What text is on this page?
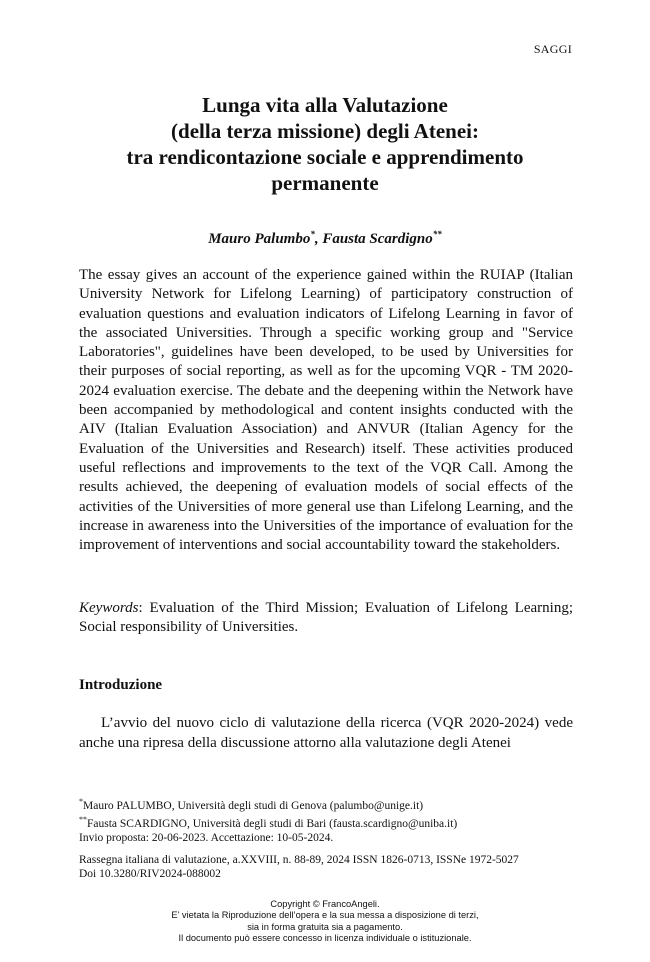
SAGGI
Lunga vita alla Valutazione
(della terza missione) degli Atenei:
tra rendicontazione sociale e apprendimento
permanente
Mauro Palumbo*, Fausta Scardigno**

The essay gives an account of the experience gained within the RUIAP (Italian University Network for Lifelong Learning) of participatory construction of evaluation questions and evaluation indicators of Lifelong Learning in favor of the associated Universities. Through a specific working group and "Service Laboratories", guidelines have been developed, to be used by Universities for their purposes of social reporting, as well as for the upcoming VQR - TM 2020-2024 evaluation exercise. The debate and the deepening within the Network have been accompanied by methodological and content insights conducted with the AIV (Italian Evaluation Association) and ANVUR (Italian Agency for the Evaluation of the Universities and Research) itself. These activities produced useful reflections and improvements to the text of the VQR Call. Among the results achieved, the deepening of evaluation models of social effects of the activities of the Universities of more general use than Lifelong Learning, and the increase in awareness into the Universities of the importance of evaluation for the improvement of interventions and social accountability toward the stakeholders.

Keywords: Evaluation of the Third Mission; Evaluation of Lifelong Learning; Social responsibility of Universities.

Introduzione

L’avvio del nuovo ciclo di valutazione della ricerca (VQR 2020-2024) vede anche una ripresa della discussione attorno alla valutazione degli Atenei

*Mauro PALUMBO, Università degli studi di Genova (palumbo@unige.it)
**Fausta SCARDIGNO, Università degli studi di Bari (fausta.scardigno@uniba.it)
Invio proposta: 20-06-2023. Accettazione: 10-05-2024.
Rassegna italiana di valutazione, a.XXVIII, n. 88-89, 2024 ISSN 1826-0713, ISSNe 1972-5027
Doi 10.3280/RIV2024-088002
Copyright © FrancoAngeli.
E’ vietata la Riproduzione dell’opera e la sua messa a disposizione di terzi,
sia in forma gratuita sia a pagamento.
Il documento può essere concesso in licenza individuale o istituzionale.
